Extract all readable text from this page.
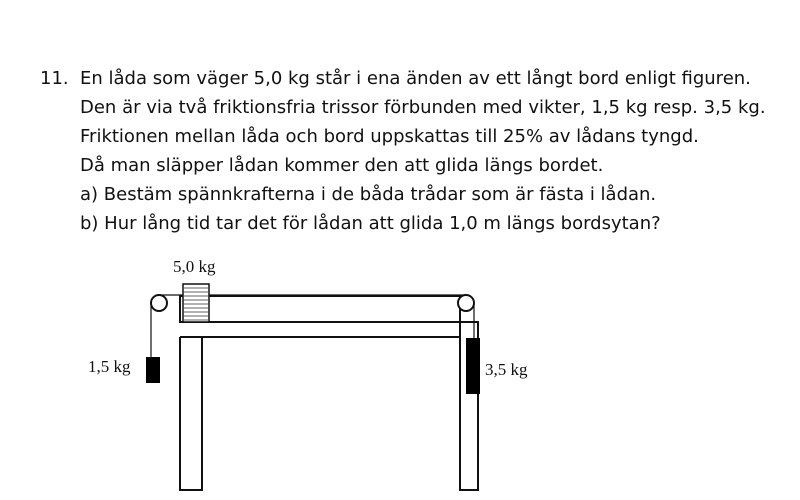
11. En låda som väger 5,0 kg står i ena änden av ett långt bord enligt figuren.
Den är via två friktionsfria trissor förbunden med vikter, 1,5 kg resp. 3,5 kg.
Friktionen mellan låda och bord uppskattas till 25% av lådans tyngd.
Då man släpper lådan kommer den att glida längs bordet.
a) Bestäm spännkrafterna i de båda trådar som är fästa i lådan.
b) Hur lång tid tar det för lådan att glida 1,0 m längs bordsytan?
5,0 kg
1,5 kg	3,5 kg
